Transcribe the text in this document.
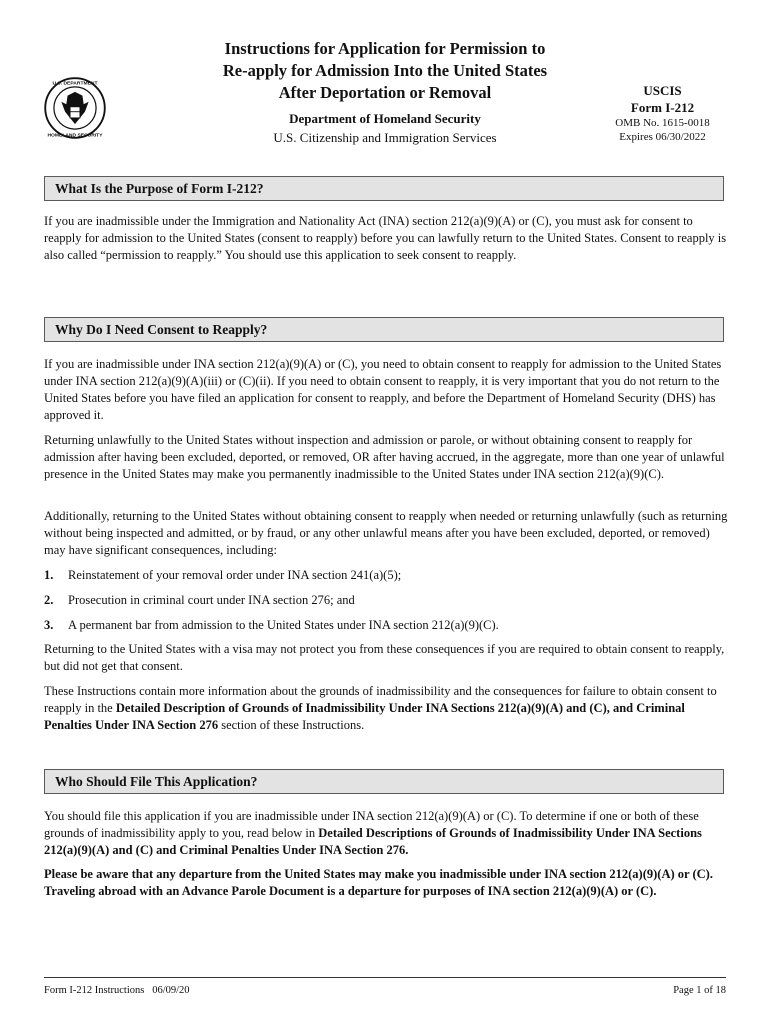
U.S. DEPARTMENT
HOMELAND SECURITY
Instructions for Application for Permission to
Re-apply for Admission Into the United States
After Deportation or Removal
Department of Homeland Security
U.S. Citizenship and Immigration Services
USCIS
Form I-212
OMB No. 1615-0018
Expires 06/30/2022
What Is the Purpose of Form I-212?
If you are inadmissible under the Immigration and Nationality Act (INA) section 212(a)(9)(A) or (C), you must ask for consent to reapply for admission to the United States (consent to reapply) before you can lawfully return to the United States. Consent to reapply is also called “permission to reapply.” You should use this application to seek consent to reapply.
Why Do I Need Consent to Reapply?
If you are inadmissible under INA section 212(a)(9)(A) or (C), you need to obtain consent to reapply for admission to the United States under INA section 212(a)(9)(A)(iii) or (C)(ii). If you need to obtain consent to reapply, it is very important that you do not return to the United States before you have filed an application for consent to reapply, and before the Department of Homeland Security (DHS) has approved it.
Returning unlawfully to the United States without inspection and admission or parole, or without obtaining consent to reapply for admission after having been excluded, deported, or removed, OR after having accrued, in the aggregate, more than one year of unlawful presence in the United States may make you permanently inadmissible to the United States under INA section 212(a)(9)(C).
Additionally, returning to the United States without obtaining consent to reapply when needed or returning unlawfully (such as returning without being inspected and admitted, or by fraud, or any other unlawful means after you have been excluded, deported, or removed) may have significant consequences, including:
1. Reinstatement of your removal order under INA section 241(a)(5);
2. Prosecution in criminal court under INA section 276; and
3. A permanent bar from admission to the United States under INA section 212(a)(9)(C).
Returning to the United States with a visa may not protect you from these consequences if you are required to obtain consent to reapply, but did not get that consent.
These Instructions contain more information about the grounds of inadmissibility and the consequences for failure to obtain consent to reapply in the Detailed Description of Grounds of Inadmissibility Under INA Sections 212(a)(9)(A) and (C), and Criminal Penalties Under INA Section 276 section of these Instructions.
Who Should File This Application?
You should file this application if you are inadmissible under INA section 212(a)(9)(A) or (C). To determine if one or both of these grounds of inadmissibility apply to you, read below in Detailed Descriptions of Grounds of Inadmissibility Under INA Sections 212(a)(9)(A) and (C) and Criminal Penalties Under INA Section 276.
Please be aware that any departure from the United States may make you inadmissible under INA section 212(a)(9)(A) or (C). Traveling abroad with an Advance Parole Document is a departure for purposes of INA section 212(a)(9)(A) or (C).
Form I-212 Instructions   06/09/20	Page 1 of 18
